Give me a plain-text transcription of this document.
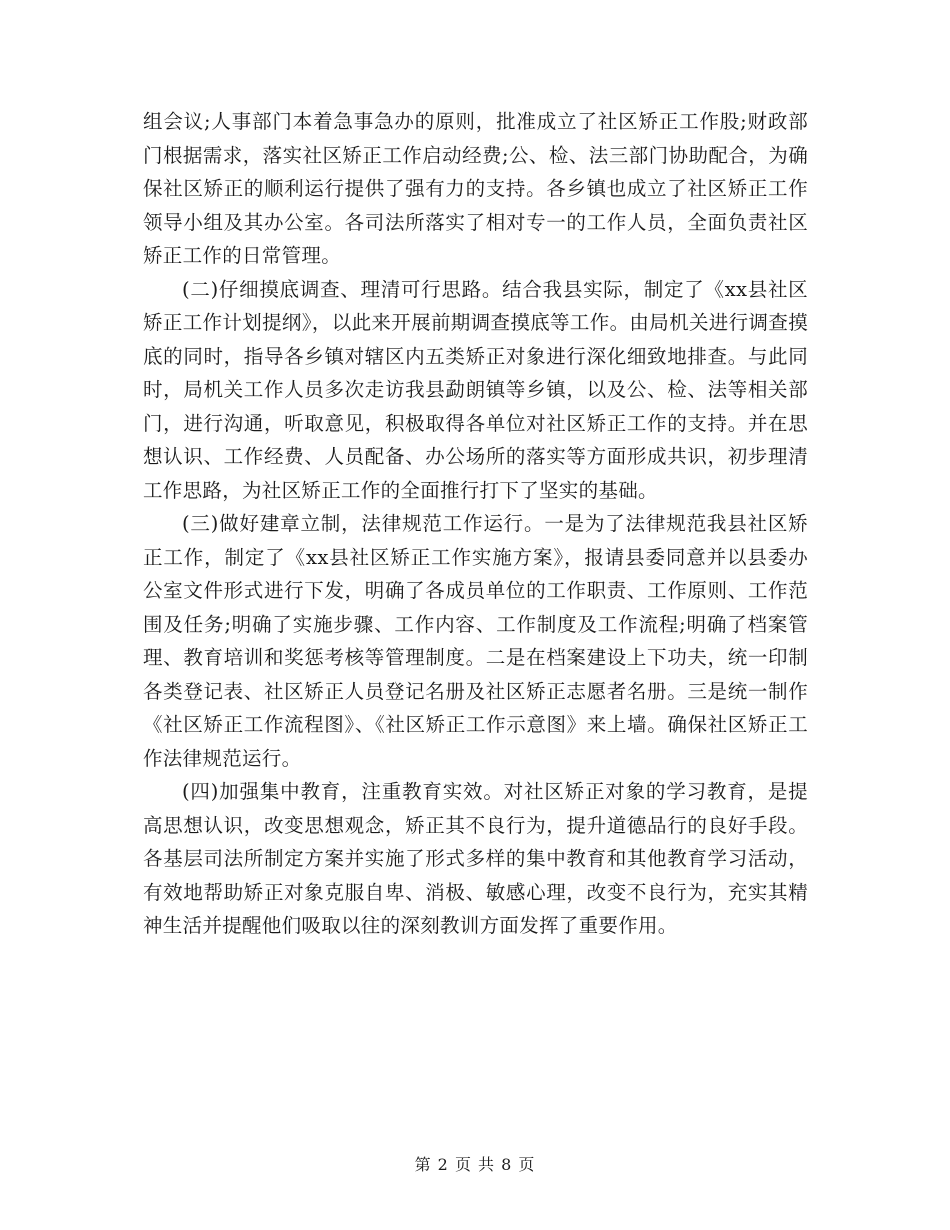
组会议;人事部门本着急事急办的原则，批准成立了社区矫正工作股;财政部门根据需求，落实社区矫正工作启动经费;公、检、法三部门协助配合，为确保社区矫正的顺利运行提供了强有力的支持。各乡镇也成立了社区矫正工作领导小组及其办公室。各司法所落实了相对专一的工作人员，全面负责社区矫正工作的日常管理。

(二)仔细摸底调查、理清可行思路。结合我县实际，制定了《xx县社区矫正工作计划提纲》，以此来开展前期调查摸底等工作。由局机关进行调查摸底的同时，指导各乡镇对辖区内五类矫正对象进行深化细致地排查。与此同时，局机关工作人员多次走访我县勐朗镇等乡镇，以及公、检、法等相关部门，进行沟通，听取意见，积极取得各单位对社区矫正工作的支持。并在思想认识、工作经费、人员配备、办公场所的落实等方面形成共识，初步理清工作思路，为社区矫正工作的全面推行打下了坚实的基础。

(三)做好建章立制，法律规范工作运行。一是为了法律规范我县社区矫正工作，制定了《xx县社区矫正工作实施方案》，报请县委同意并以县委办公室文件形式进行下发，明确了各成员单位的工作职责、工作原则、工作范围及任务;明确了实施步骤、工作内容、工作制度及工作流程;明确了档案管理、教育培训和奖惩考核等管理制度。二是在档案建设上下功夫，统一印制各类登记表、社区矫正人员登记名册及社区矫正志愿者名册。三是统一制作《社区矫正工作流程图》、《社区矫正工作示意图》来上墙。确保社区矫正工作法律规范运行。

(四)加强集中教育，注重教育实效。对社区矫正对象的学习教育，是提高思想认识，改变思想观念，矫正其不良行为，提升道德品行的良好手段。各基层司法所制定方案并实施了形式多样的集中教育和其他教育学习活动，有效地帮助矫正对象克服自卑、消极、敏感心理，改变不良行为，充实其精神生活并提醒他们吸取以往的深刻教训方面发挥了重要作用。

第 2 页 共 8 页
